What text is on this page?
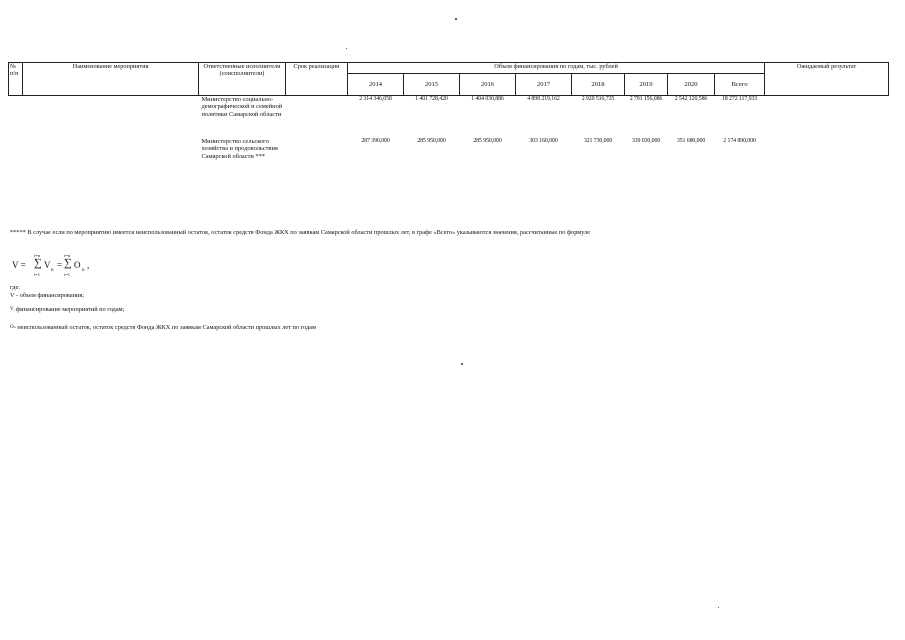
№ п/п	Наименование мероприятия	Ответственные исполнители (соисполнители)	Срок реализации	Объем финансирования по годам, тыс. рублей								Ожидаемый результат
				2014	2015	2016	2017	2018	2019	2020	Всего	
		Министерство социально-демографической и семейной политики Самарской области		2 314 346,058	1 401 728,420	1 404 030,886	4 898 219,162	2 920 516,735	2 791 156,086	2 542 120,586	18 272 117,933	
		Министерство сельского хозяйства и продовольствия Самарской области ***		287 390,000	285 950,000	285 950,000	303 160,000	321 730,000	339 030,000	351 680,000	2 174 890,000	
***** В случае если по мероприятию имеется неиспользованный остаток, остаток средств Фонда ЖКХ по заявкам Самарской области прошлых лет, в графе «Всего» указываются значения, рассчитанные по формуле
V =
i=n
∑
i=1
V
n
=
i=n
∑
i=1
O
n
,
где:
V - объем финансирования;
Vᵢ финансирование мероприятий по годам;
Oₙ неиспользованный остаток, остаток средств Фонда ЖКХ по заявкам Самарской области прошлых лет по годам
